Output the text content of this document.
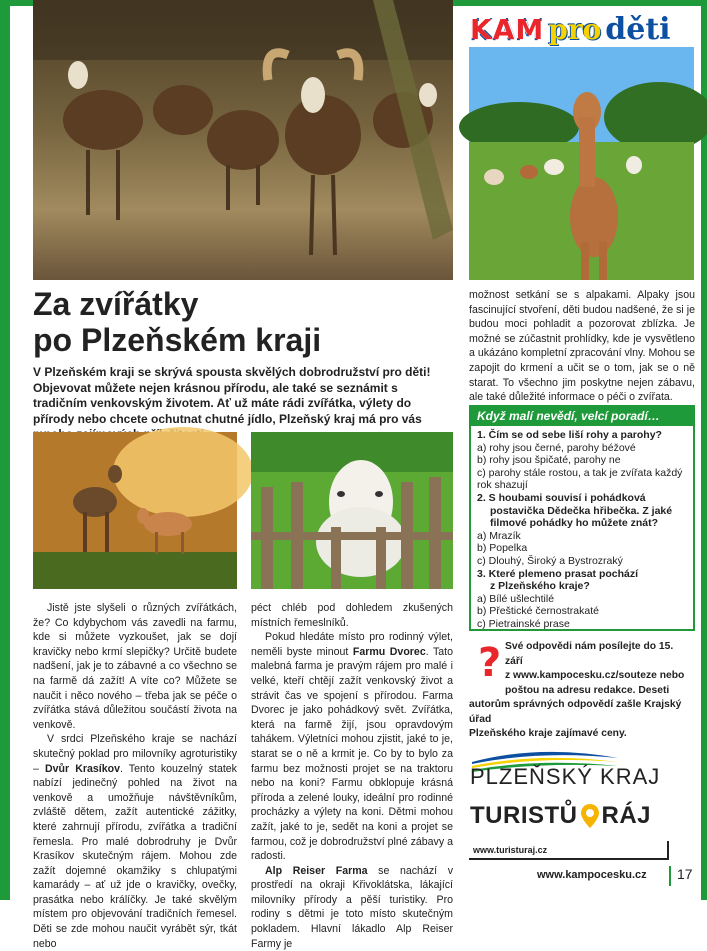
KAM pro děti
Za zvířátky
po Plzeňském kraji
V Plzeňském kraji se skrývá spousta skvělých dobrodružství pro děti! Objevovat můžete nejen krásnou přírodu, ale také se seznámit s tradičním venkovským životem. Ať už máte rádi zvířátka, výlety do přírody nebo chcete ochutnat chutné jídlo, Plzeňský kraj má pro vás

Jistě jste slyšeli o různých zvířátkách, že? Co kdybychom vás zavedli na farmu, kde si můžete vyzkoušet, jak se dojí kravičky nebo krmí slepičky? Určitě budete nadšení, jak je to zábavné a co všechno se na farmě dá zažít! A víte co? Můžete se naučit i něco nového – třeba jak se péče o zvířátka stává důležitou součástí života na venkově.

V srdci Plzeňského kraje se nachází skutečný poklad pro milovníky agroturistiky – Dvůr Krasíkov. Tento kouzelný statek nabízí jedinečný pohled na život na venkově a umožňuje návštěvníkům, zvláště dětem, zažít autentické zážitky, které zahrnují přírodu, zvířátka a tradiční řemesla. Pro malé dobrodruhy je Dvůr Krasíkov skutečným rájem. Mohou zde zažít dojemné okamžiky s chlupatými kamarády – ať už jde o kravičky, ovečky, prasátka nebo králíčky. Je také skvělým místem pro objevování tradičních řemesel. Děti se zde mohou naučit vyrábět sýr, tkát nebo

péct chléb pod dohledem zkušených místních řemeslníků.

Pokud hledáte místo pro rodinný výlet, neměli byste minout Farmu Dvorec. Tato malebná farma je pravým rájem pro malé i velké, kteří chtějí zažít venkovský život a strávit čas ve spojení s přírodou. Farma Dvorec je jako pohádkový svět. Zvířátka, která na farmě žijí, jsou opravdovým tahákem. Výletníci mohou zjistit, jaké to je, starat se o ně a krmit je. Co by to bylo za farmu bez možnosti projet se na traktoru nebo na koni? Farmu obklopuje krásná příroda a zelené louky, ideální pro rodinné procházky a výlety na koni. Dětmi mohou zažít, jaké to je, sedět na koni a projet se farmou, což je dobrodružství plné zábavy a radosti.

Alp Reiser Farma se nachází v prostředí na okraji Křivoklátska, lákající milovníky přírody a pěší turistiky. Pro rodiny s dětmi je toto místo skutečným pokladem. Hlavní lákadlo Alp Reiser Farmy je

možnost setkání se s alpakami. Alpaky jsou fascinující stvoření, děti budou nadšené, že si je budou moci pohladit a pozorovat zblízka. Je možné se zúčastnit prohlídky, kde je vysvětleno a ukázáno kompletní zpracování vlny. Mohou se zapojit do krmení a učit se o tom, jak se o ně starat. To všechno jim poskytne nejen zábavu, ale také důležité informace o péči o zvířata.

Když malí nevědí, velcí poradí…
1. Čím se od sebe liší rohy a parohy?
a) rohy jsou černé, parohy béžové
b) rohy jsou špičaté, parohy ne
c) parohy stále rostou, a tak je zvířata každý rok shazují
2. S houbami souvisí i pohádková
postavička Dědečka hřibečka. Z jaké
filmové pohádky ho můžete znát?
a) Mrazík
b) Popelka
c) Dlouhý, Široký a Bystrozraký
3. Které plemeno prasat pochází
z Plzeňského kraje?
a) Bílé ušlechtilé
b) Přeštické černostrakaté
c) Pietrainské prase
? Své odpovědi nám posílejte do 15. září
z www.kampocesku.cz/souteze nebo
poštou na adresu redakce. Deseti
autorům správných odpovědí zašle Krajský úřad
Plzeňského kraje zajímavé ceny.
PLZEŇSKÝ KRAJ
TURISTŮ RÁJ
www.turisturaj.cz
www.kampocesku.cz 17
